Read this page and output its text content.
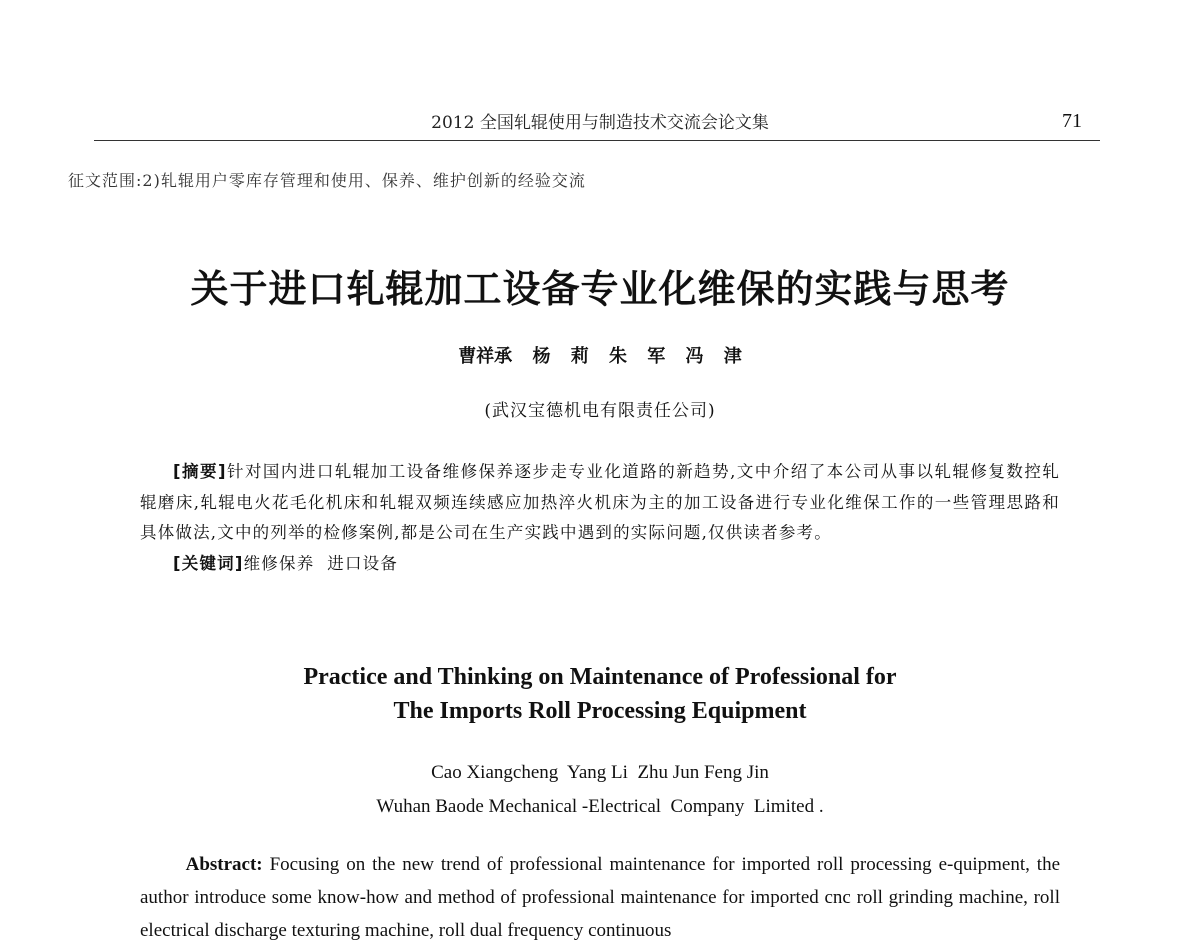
2012 全国轧辊使用与制造技术交流会论文集	71
征文范围:2)轧辊用户零库存管理和使用、保养、维护创新的经验交流
关于进口轧辊加工设备专业化维保的实践与思考
曹祥承 杨 莉 朱 军 冯 津
(武汉宝德机电有限责任公司)

[摘要]针对国内进口轧辊加工设备维修保养逐步走专业化道路的新趋势,文中介绍了本公司从事以轧辊修复数控轧辊磨床,轧辊电火花毛化机床和轧辊双频连续感应加热淬火机床为主的加工设备进行专业化维保工作的一些管理思路和具体做法,文中的列举的检修案例,都是公司在生产实践中遇到的实际问题,仅供读者参考。

[关键词]维修保养  进口设备

Practice and Thinking on Maintenance of Professional for
The Imports Roll Processing Equipment
Cao Xiangcheng  Yang Li  Zhu Jun Feng Jin
Wuhan Baode Mechanical -Electrical  Company  Limited .

Abstract: Focusing on the new trend of professional maintenance for imported roll processing e-quipment, the author introduce some know-how and method of professional maintenance for imported cnc roll grinding machine, roll electrical discharge texturing machine, roll dual frequency continuous
